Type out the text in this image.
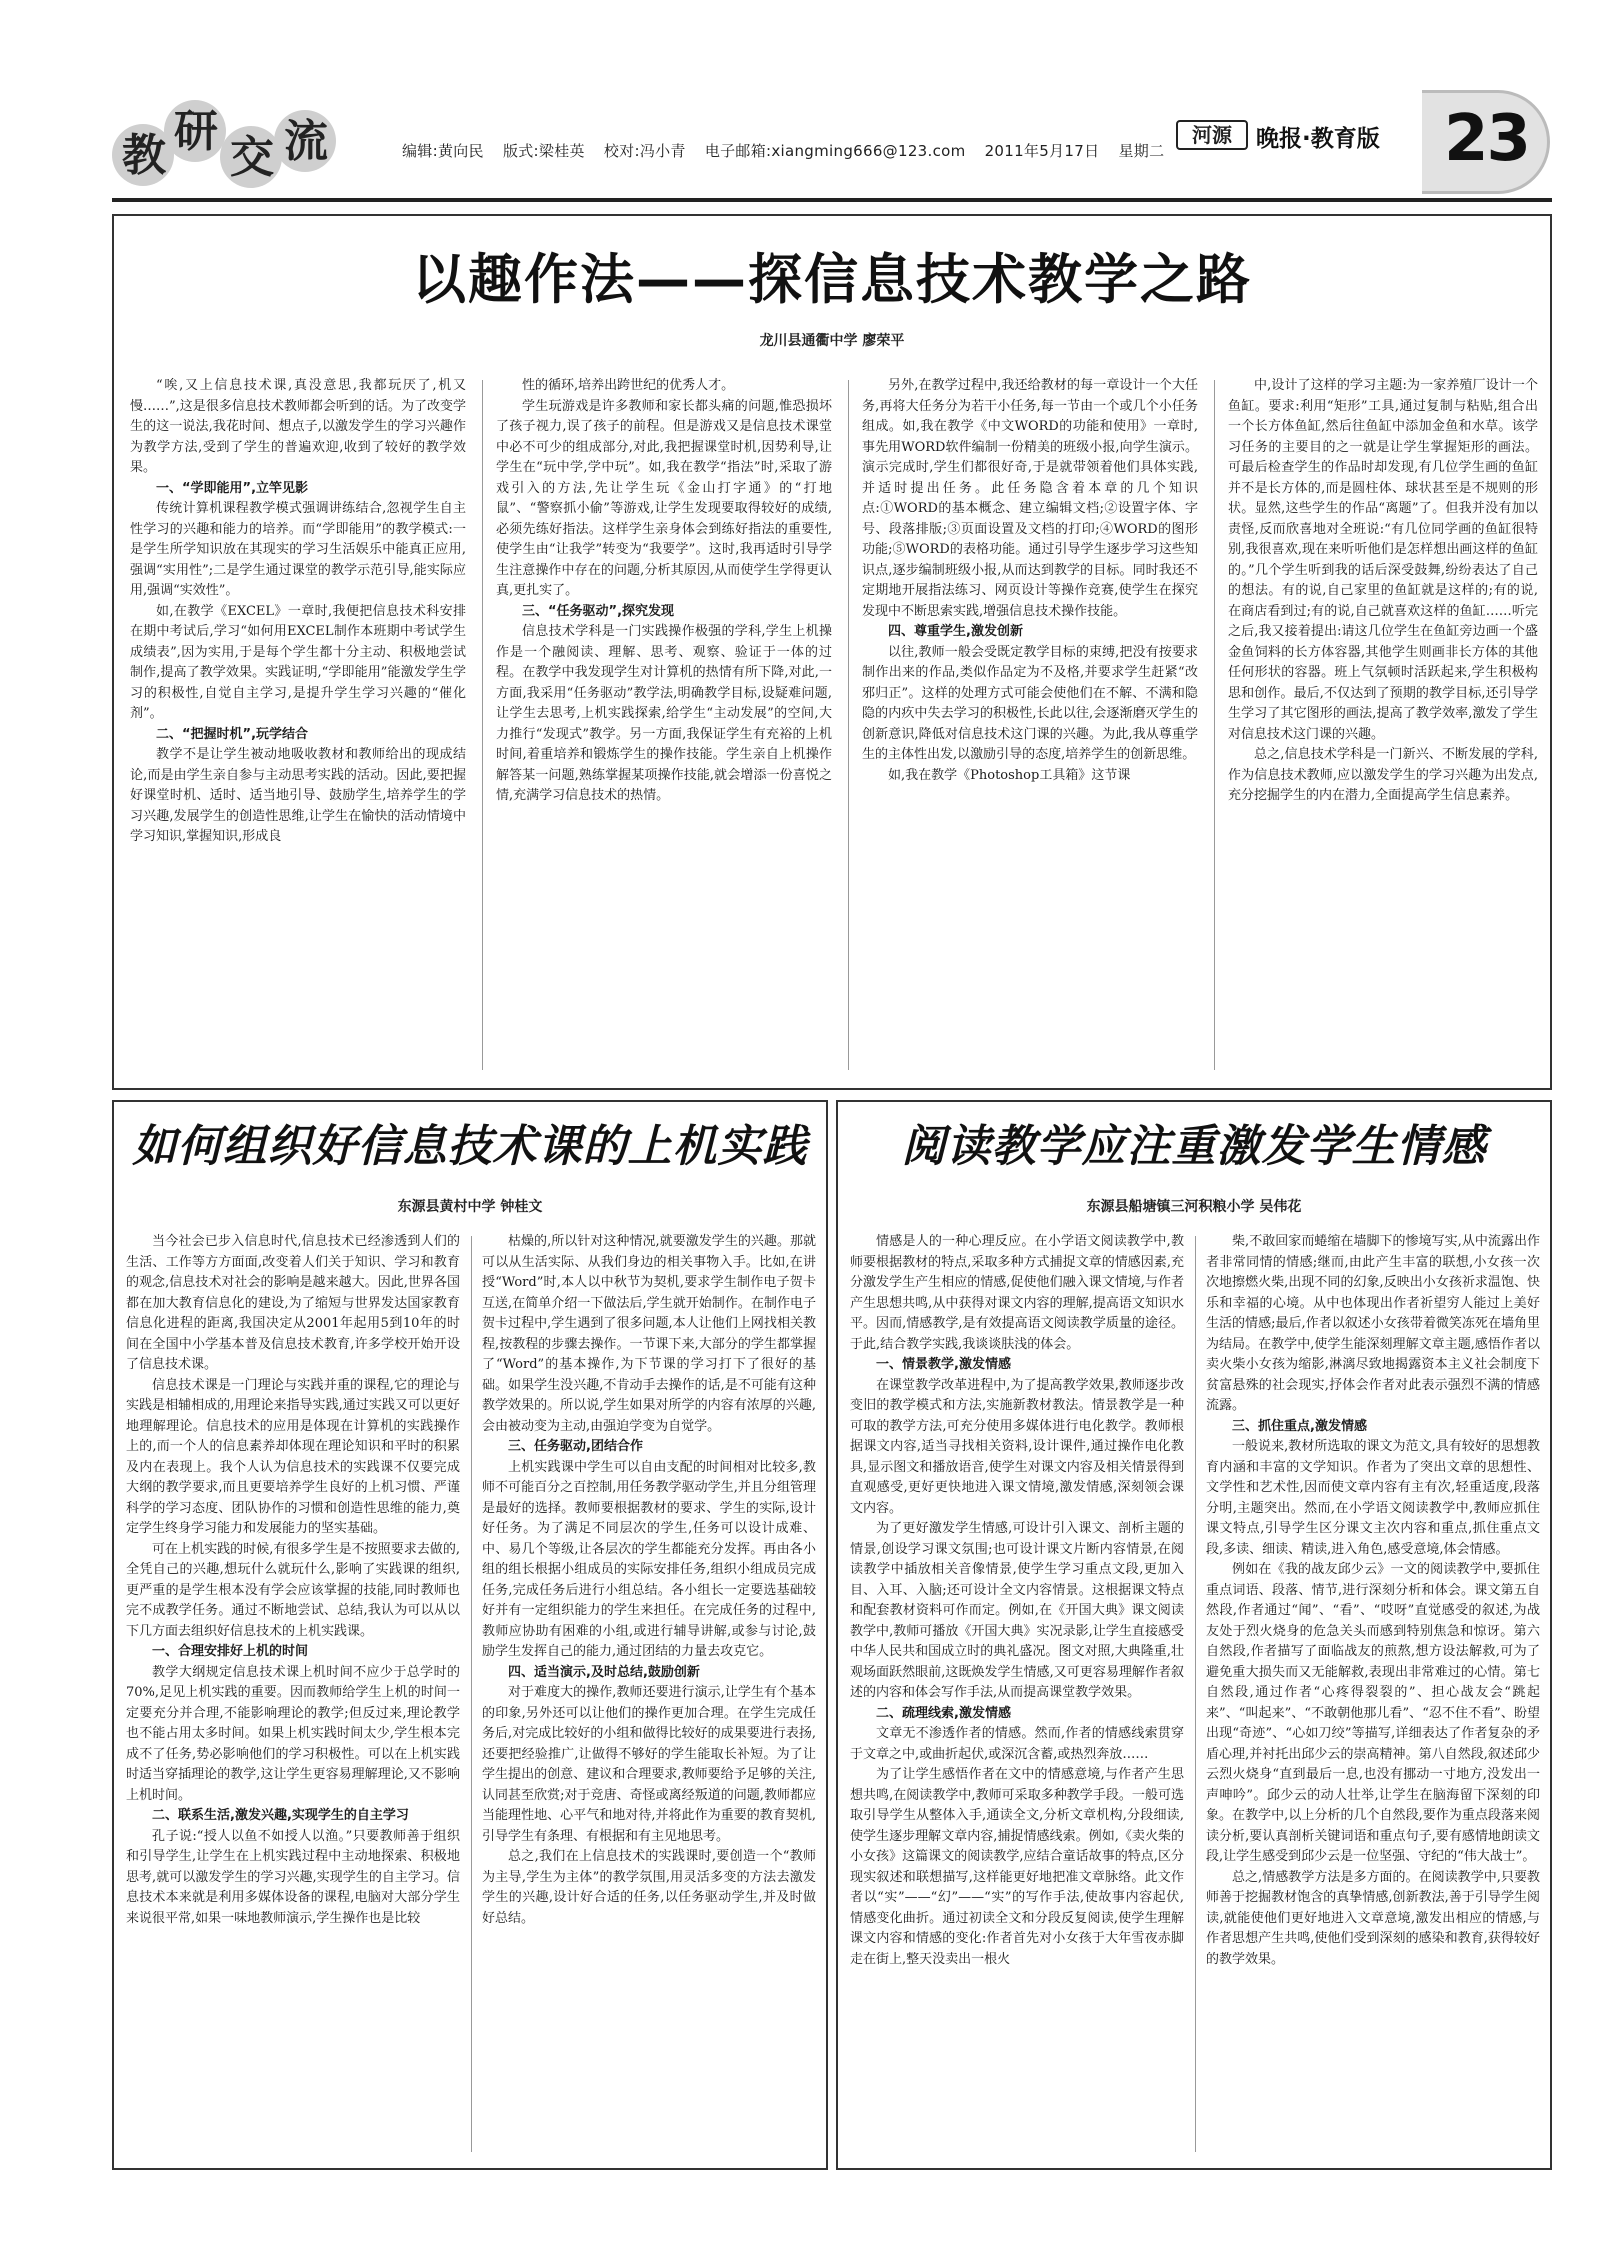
教 研
交 流	编辑:黄向民 版式:梁桂英 校对:冯小青 电子邮箱:xiangming666@123.com 2011年5月17日 星期二
河源	晚报·教育版 23
以趣作法——探信息技术教学之路
龙川县通衢中学 廖荣平

“唉,又上信息技术课,真没意思,我都玩厌了,机又慢……”,这是很多信息技术教师都会听到的话。为了改变学生的这一说法,我花时间、想点子,以激发学生的学习兴趣作为教学方法,受到了学生的普遍欢迎,收到了较好的教学效果。

一、“学即能用”,立竿见影

传统计算机课程教学模式强调讲练结合,忽视学生自主性学习的兴趣和能力的培养。而“学即能用”的教学模式:一是学生所学知识放在其现实的学习生活娱乐中能真正应用,强调“实用性”;二是学生通过课堂的教学示范引导,能实际应用,强调“实效性”。

如,在教学《EXCEL》一章时,我便把信息技术科安排在期中考试后,学习“如何用EXCEL制作本班期中考试学生成绩表”,因为实用,于是每个学生都十分主动、积极地尝试制作,提高了教学效果。实践证明,“学即能用”能激发学生学习的积极性,自觉自主学习,是提升学生学习兴趣的“催化剂”。

二、“把握时机”,玩学结合

教学不是让学生被动地吸收教材和教师给出的现成结论,而是由学生亲自参与主动思考实践的活动。因此,要把握好课堂时机、适时、适当地引导、鼓励学生,培养学生的学习兴趣,发展学生的创造性思维,让学生在愉快的活动情境中学习知识,掌握知识,形成良

性的循环,培养出跨世纪的优秀人才。

学生玩游戏是许多教师和家长都头痛的问题,惟恐损坏了孩子视力,误了孩子的前程。但是游戏又是信息技术课堂中必不可少的组成部分,对此,我把握课堂时机,因势利导,让学生在“玩中学,学中玩”。如,我在教学“指法”时,采取了游戏引入的方法,先让学生玩《金山打字通》的“打地鼠”、“警察抓小偷”等游戏,让学生发现要取得较好的成绩,必须先练好指法。这样学生亲身体会到练好指法的重要性,使学生由“让我学”转变为“我要学”。这时,我再适时引导学生注意操作中存在的问题,分析其原因,从而使学生学得更认真,更扎实了。

三、“任务驱动”,探究发现

信息技术学科是一门实践操作极强的学科,学生上机操作是一个融阅读、理解、思考、观察、验证于一体的过程。在教学中我发现学生对计算机的热情有所下降,对此,一方面,我采用“任务驱动”教学法,明确教学目标,设疑难问题,让学生去思考,上机实践探索,给学生“主动发展”的空间,大力推行“发现式”教学。另一方面,我保证学生有充裕的上机时间,着重培养和锻炼学生的操作技能。学生亲自上机操作解答某一问题,熟练掌握某项操作技能,就会增添一份喜悦之情,充满学习信息技术的热情。

另外,在教学过程中,我还给教材的每一章设计一个大任务,再将大任务分为若干小任务,每一节由一个或几个小任务组成。如,我在教学《中文WORD的功能和使用》一章时,事先用WORD软件编制一份精美的班级小报,向学生演示。演示完成时,学生们都很好奇,于是就带领着他们具体实践,并适时提出任务。此任务隐含着本章的几个知识点:①WORD的基本概念、建立编辑文档;②设置字体、字号、段落排版;③页面设置及文档的打印;④WORD的图形功能;⑤WORD的表格功能。通过引导学生逐步学习这些知识点,逐步编制班级小报,从而达到教学的目标。同时我还不定期地开展指法练习、网页设计等操作竞赛,使学生在探究发现中不断思索实践,增强信息技术操作技能。

四、尊重学生,激发创新

以往,教师一般会受既定教学目标的束缚,把没有按要求制作出来的作品,类似作品定为不及格,并要求学生赶紧“改邪归正”。这样的处理方式可能会使他们在不解、不满和隐隐的内疚中失去学习的积极性,长此以往,会逐渐磨灭学生的创新意识,降低对信息技术这门课的兴趣。为此,我从尊重学生的主体性出发,以激励引导的态度,培养学生的创新思维。

如,我在教学《Photoshop工具箱》这节课

中,设计了这样的学习主题:为一家养殖厂设计一个鱼缸。要求:利用“矩形”工具,通过复制与粘贴,组合出一个长方体鱼缸,然后往鱼缸中添加金鱼和水草。该学习任务的主要目的之一就是让学生掌握矩形的画法。可最后检查学生的作品时却发现,有几位学生画的鱼缸并不是长方体的,而是圆柱体、球状甚至是不规则的形状。显然,这些学生的作品“离题”了。但我并没有加以责怪,反而欣喜地对全班说:“有几位同学画的鱼缸很特别,我很喜欢,现在来听听他们是怎样想出画这样的鱼缸的。”几个学生听到我的话后深受鼓舞,纷纷表达了自己的想法。有的说,自己家里的鱼缸就是这样的;有的说,在商店看到过;有的说,自己就喜欢这样的鱼缸……听完之后,我又接着提出:请这几位学生在鱼缸旁边画一个盛金鱼饲料的长方体容器,其他学生则画非长方体的其他任何形状的容器。班上气氛顿时活跃起来,学生积极构思和创作。最后,不仅达到了预期的教学目标,还引导学生学习了其它图形的画法,提高了教学效率,激发了学生对信息技术这门课的兴趣。

总之,信息技术学科是一门新兴、不断发展的学科,作为信息技术教师,应以激发学生的学习兴趣为出发点,充分挖掘学生的内在潜力,全面提高学生信息素养。

如何组织好信息技术课的上机实践
东源县黄村中学 钟桂文

当今社会已步入信息时代,信息技术已经渗透到人们的生活、工作等方方面面,改变着人们关于知识、学习和教育的观念,信息技术对社会的影响是越来越大。因此,世界各国都在加大教育信息化的建设,为了缩短与世界发达国家教育信息化进程的距离,我国决定从2001年起用5到10年的时间在全国中小学基本普及信息技术教育,许多学校开始开设了信息技术课。

信息技术课是一门理论与实践并重的课程,它的理论与实践是相辅相成的,用理论来指导实践,通过实践又可以更好地理解理论。信息技术的应用是体现在计算机的实践操作上的,而一个人的信息素养却体现在理论知识和平时的积累及内在表现上。我个人认为信息技术的实践课不仅要完成大纲的教学要求,而且更要培养学生良好的上机习惯、严谨科学的学习态度、团队协作的习惯和创造性思维的能力,奠定学生终身学习能力和发展能力的坚实基础。

可在上机实践的时候,有很多学生是不按照要求去做的,全凭自己的兴趣,想玩什么就玩什么,影响了实践课的组织,更严重的是学生根本没有学会应该掌握的技能,同时教师也完不成教学任务。通过不断地尝试、总结,我认为可以从以下几方面去组织好信息技术的上机实践课。

一、合理安排好上机的时间

教学大纲规定信息技术课上机时间不应少于总学时的70%,足见上机实践的重要。因而教师给学生上机的时间一定要充分并合理,不能影响理论的教学;但反过来,理论教学也不能占用太多时间。如果上机实践时间太少,学生根本完成不了任务,势必影响他们的学习积极性。可以在上机实践时适当穿插理论的教学,这让学生更容易理解理论,又不影响上机时间。

二、联系生活,激发兴趣,实现学生的自主学习

孔子说:“授人以鱼不如授人以渔。”只要教师善于组织和引导学生,让学生在上机实践过程中主动地探索、积极地思考,就可以激发学生的学习兴趣,实现学生的自主学习。信息技术本来就是利用多媒体设备的课程,电脑对大部分学生来说很平常,如果一味地教师演示,学生操作也是比较

枯燥的,所以针对这种情况,就要激发学生的兴趣。那就可以从生活实际、从我们身边的相关事物入手。比如,在讲授“Word”时,本人以中秋节为契机,要求学生制作电子贺卡互送,在简单介绍一下做法后,学生就开始制作。在制作电子贺卡过程中,学生遇到了很多问题,本人让他们上网找相关教程,按教程的步骤去操作。一节课下来,大部分的学生都掌握了“Word”的基本操作,为下节课的学习打下了很好的基础。如果学生没兴趣,不肯动手去操作的话,是不可能有这种教学效果的。所以说,学生如果对所学的内容有浓厚的兴趣,会由被动变为主动,由强迫学变为自觉学。

三、任务驱动,团结合作

上机实践课中学生可以自由支配的时间相对比较多,教师不可能百分之百控制,用任务教学驱动学生,并且分组管理是最好的选择。教师要根据教材的要求、学生的实际,设计好任务。为了满足不同层次的学生,任务可以设计成难、中、易几个等级,让各层次的学生都能充分发挥。再由各小组的组长根据小组成员的实际安排任务,组织小组成员完成任务,完成任务后进行小组总结。各小组长一定要选基础较好并有一定组织能力的学生来担任。在完成任务的过程中,教师应协助有困难的小组,或进行辅导讲解,或参与讨论,鼓励学生发挥自己的能力,通过团结的力量去攻克它。

四、适当演示,及时总结,鼓励创新

对于难度大的操作,教师还要进行演示,让学生有个基本的印象,另外还可以让他们的操作更加合理。在学生完成任务后,对完成比较好的小组和做得比较好的成果要进行表扬,还要把经验推广,让做得不够好的学生能取长补短。为了让学生提出的创意、建议和合理要求,教师要给予足够的关注,认同甚至欣赏;对于竞唐、奇怪或离经叛道的问题,教师都应当能理性地、心平气和地对待,并将此作为重要的教育契机,引导学生有条理、有根据和有主见地思考。

总之,我们在上信息技术的实践课时,要创造一个“教师为主导,学生为主体”的教学氛围,用灵活多变的方法去激发学生的兴趣,设计好合适的任务,以任务驱动学生,并及时做好总结。

阅读教学应注重激发学生情感
东源县船塘镇三河积粮小学 吴伟花

情感是人的一种心理反应。在小学语文阅读教学中,教师要根据教材的特点,采取多种方式捕捉文章的情感因素,充分激发学生产生相应的情感,促使他们融入课文情境,与作者产生思想共鸣,从中获得对课文内容的理解,提高语文知识水平。因而,情感教学,是有效提高语文阅读教学质量的途径。于此,结合教学实践,我谈谈肤浅的体会。

一、情景教学,激发情感

在课堂教学改革进程中,为了提高教学效果,教师逐步改变旧的教学模式和方法,实施新教材教法。情景教学是一种可取的教学方法,可充分使用多媒体进行电化教学。教师根据课文内容,适当寻找相关资料,设计课件,通过操作电化教具,显示图文和播放语音,使学生对课文内容及相关情景得到直观感受,更好更快地进入课文情境,激发情感,深刻领会课文内容。

为了更好激发学生情感,可设计引入课文、剖析主题的情景,创设学习课文氛围;也可设计课文片断内容情景,在阅读教学中插放相关音像情景,使学生学习重点文段,更加入目、入耳、入脑;还可设计全文内容情景。这根据课文特点和配套教材资料可作而定。例如,在《开国大典》课文阅读教学中,教师可播放《开国大典》实况录影,让学生直接感受中华人民共和国成立时的典礼盛况。图文对照,大典隆重,壮观场面跃然眼前,这既焕发学生情感,又可更容易理解作者叙述的内容和体会写作手法,从而提高课堂教学效果。

二、疏理线索,激发情感

文章无不渗透作者的情感。然而,作者的情感线索贯穿于文章之中,或曲折起伏,或深沉含蓄,或热烈奔放……

为了让学生感悟作者在文中的情感意境,与作者产生思想共鸣,在阅读教学中,教师可采取多种教学手段。一般可选取引导学生从整体入手,通读全文,分析文章机构,分段细读,使学生逐步理解文章内容,捕捉情感线索。例如,《卖火柴的小女孩》这篇课文的阅读教学,应结合童话故事的特点,区分现实叙述和联想描写,这样能更好地把准文章脉络。此文作者以“实”——“幻”——“实”的写作手法,使故事内容起伏,情感变化曲折。通过初读全文和分段反复阅读,使学生理解课文内容和情感的变化:作者首先对小女孩于大年雪夜赤脚走在街上,整天没卖出一根火

柴,不敢回家而蜷缩在墙脚下的惨境写实,从中流露出作者非常同情的情感;继而,由此产生丰富的联想,小女孩一次次地擦燃火柴,出现不同的幻象,反映出小女孩祈求温饱、快乐和幸福的心境。从中也体现出作者祈望穷人能过上美好生活的情感;最后,作者以叙述小女孩带着微笑冻死在墙角里为结局。在教学中,使学生能深刻理解文章主题,感悟作者以卖火柴小女孩为缩影,淋漓尽致地揭露资本主义社会制度下贫富悬殊的社会现实,抒体会作者对此表示强烈不满的情感流露。

三、抓住重点,激发情感

一般说来,教材所选取的课文为范文,具有较好的思想教育内涵和丰富的文学知识。作者为了突出文章的思想性、文学性和艺术性,因而使文章内容有主有次,轻重适度,段落分明,主题突出。然而,在小学语文阅读教学中,教师应抓住课文特点,引导学生区分课文主次内容和重点,抓住重点文段,多读、细读、精读,进入角色,感受意境,体会情感。

例如在《我的战友邱少云》一文的阅读教学中,要抓住重点词语、段落、情节,进行深刻分析和体会。课文第五自然段,作者通过“闻”、“看”、“哎呀”直觉感受的叙述,为战友处于烈火烧身的危急关头而感到特别焦急和惊讶。第六自然段,作者描写了面临战友的煎熬,想方设法解救,可为了避免重大损失而又无能解救,表现出非常难过的心情。第七自然段,通过作者“心疼得裂裂的”、担心战友会“跳起来”、“叫起来”、“不敢朝他那儿看”、“忍不住不看”、盼望出现“奇迹”、“心如刀绞”等描写,详细表达了作者复杂的矛盾心理,并衬托出邱少云的崇高精神。第八自然段,叙述邱少云烈火烧身“直到最后一息,也没有挪动一寸地方,没发出一声呻吟”。邱少云的动人壮举,让学生在脑海留下深刻的印象。在教学中,以上分析的几个自然段,要作为重点段落来阅读分析,要认真剖析关键词语和重点句子,要有感情地朗读文段,让学生感受到邱少云是一位坚强、守纪的“伟大战士”。

总之,情感教学方法是多方面的。在阅读教学中,只要教师善于挖掘教材饱含的真挚情感,创新教法,善于引导学生阅读,就能使他们更好地进入文章意境,激发出相应的情感,与作者思想产生共鸣,使他们受到深刻的感染和教育,获得较好的教学效果。
